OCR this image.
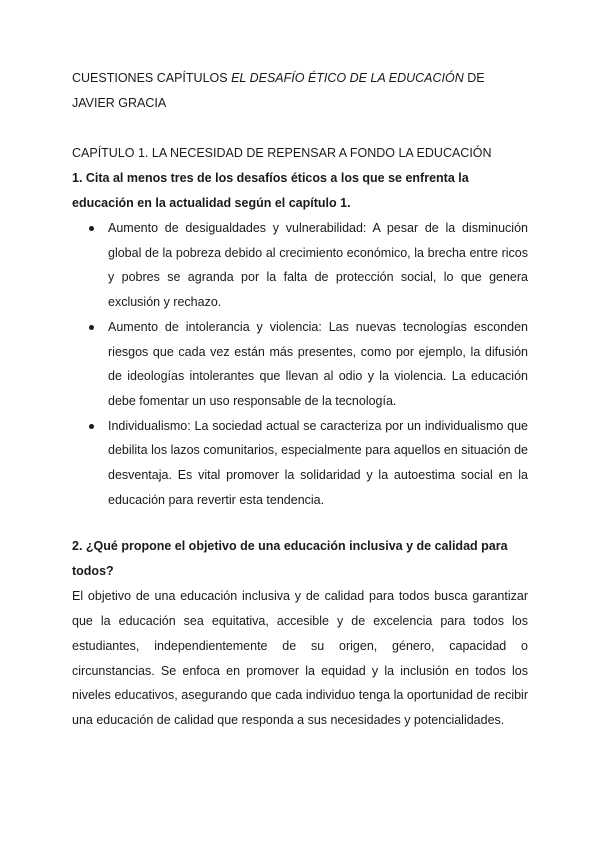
CUESTIONES CAPÍTULOS EL DESAFÍO ÉTICO DE LA EDUCACIÓN DE JAVIER GRACIA

CAPÍTULO 1. LA NECESIDAD DE REPENSAR A FONDO LA EDUCACIÓN

1. Cita al menos tres de los desafíos éticos a los que se enfrenta la educación en la actualidad según el capítulo 1.

Aumento de desigualdades y vulnerabilidad: A pesar de la disminución global de la pobreza debido al crecimiento económico, la brecha entre ricos y pobres se agranda por la falta de protección social, lo que genera exclusión y rechazo.
Aumento de intolerancia y violencia: Las nuevas tecnologías esconden riesgos que cada vez están más presentes, como por ejemplo, la difusión de ideologías intolerantes que llevan al odio y la violencia. La educación debe fomentar un uso responsable de la tecnología.
Individualismo: La sociedad actual se caracteriza por un individualismo que debilita los lazos comunitarios, especialmente para aquellos en situación de desventaja. Es vital promover la solidaridad y la autoestima social en la educación para revertir esta tendencia.

2. ¿Qué propone el objetivo de una educación inclusiva y de calidad para todos?

El objetivo de una educación inclusiva y de calidad para todos busca garantizar que la educación sea equitativa, accesible y de excelencia para todos los estudiantes, independientemente de su origen, género, capacidad o circunstancias. Se enfoca en promover la equidad y la inclusión en todos los niveles educativos, asegurando que cada individuo tenga la oportunidad de recibir una educación de calidad que responda a sus necesidades y potencialidades.
